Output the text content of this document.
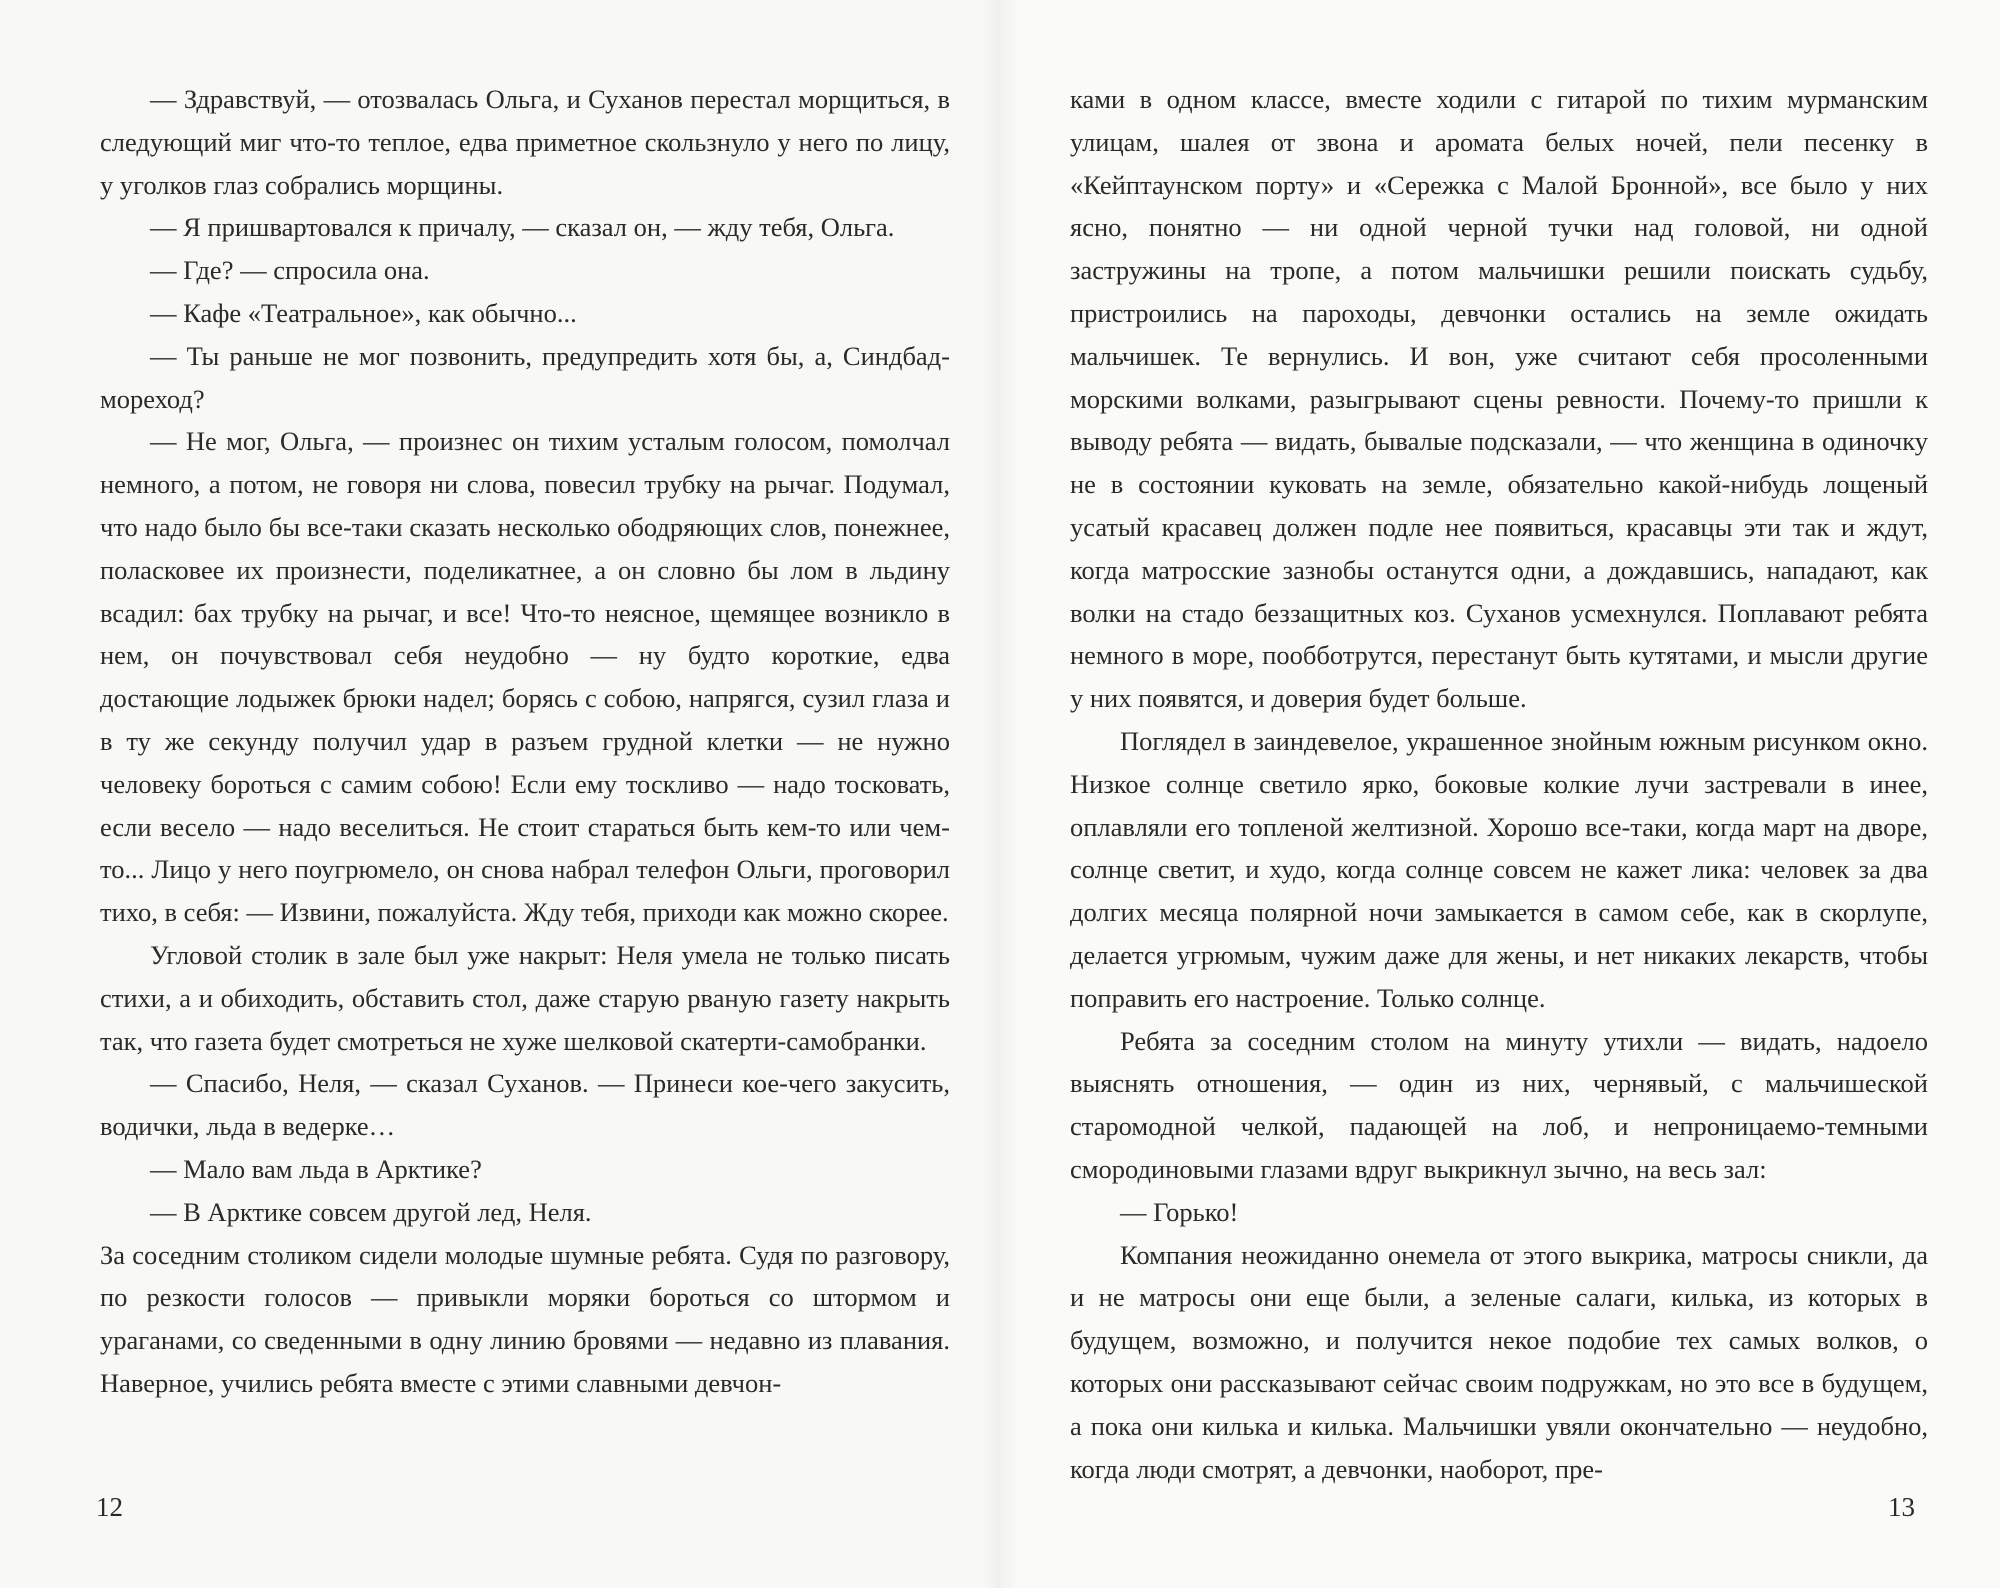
— Здравствуй, — отозвалась Ольга, и Суханов перестал морщиться, в следующий миг что-то теплое, едва приметное скользнуло у него по лицу, у уголков глаз собрались морщины.

— Я пришвартовался к причалу, — сказал он, — жду тебя, Ольга.

— Где? — спросила она.

— Кафе «Театральное», как обычно...

— Ты раньше не мог позвонить, предупредить хотя бы, а, Синдбад-мореход?

— Не мог, Ольга, — произнес он тихим усталым голосом, помолчал немного, а потом, не говоря ни слова, повесил трубку на рычаг. Подумал, что надо было бы все-таки сказать несколько ободряющих слов, понежнее, поласковее их произнести, поделикатнее, а он словно бы лом в льдину всадил: бах трубку на рычаг, и все! Что-то неясное, щемящее возникло в нем, он почувствовал себя неудобно — ну будто короткие, едва достающие лодыжек брюки надел; борясь с собою, напрягся, сузил глаза и в ту же секунду получил удар в разъем грудной клетки — не нужно человеку бороться с самим собою! Если ему тоскливо — надо тосковать, если весело — надо веселиться. Не стоит стараться быть кем-то или чем-то... Лицо у него поугрюмело, он снова набрал телефон Ольги, проговорил тихо, в себя: — Извини, пожалуйста. Жду тебя, приходи как можно скорее.

Угловой столик в зале был уже накрыт: Неля умела не только писать стихи, а и обиходить, обставить стол, даже старую рваную газету накрыть так, что газета будет смотреться не хуже шелковой скатерти-самобранки.

— Спасибо, Неля, — сказал Суханов. — Принеси кое-чего закусить, водички, льда в ведерке…

— Мало вам льда в Арктике?

— В Арктике совсем другой лед, Неля.

За соседним столиком сидели молодые шумные ребята. Судя по разговору, по резкости голосов — привыкли моряки бороться со штормом и ураганами, со сведенными в одну линию бровями — недавно из плавания. Наверное, учились ребята вместе с этими славными девчон-

12

ками в одном классе, вместе ходили с гитарой по тихим мурманским улицам, шалея от звона и аромата белых ночей, пели песенку в «Кейптаунском порту» и «Сережка с Малой Бронной», все было у них ясно, понятно — ни одной черной тучки над головой, ни одной застружины на тропе, а потом мальчишки решили поискать судьбу, пристроились на пароходы, девчонки остались на земле ожидать мальчишек. Те вернулись. И вон, уже считают себя просоленными морскими волками, разыгрывают сцены ревности. Почему-то пришли к выводу ребята — видать, бывалые подсказали, — что женщина в одиночку не в состоянии куковать на земле, обязательно какой-нибудь лощеный усатый красавец должен подле нее появиться, красавцы эти так и ждут, когда матросские зазнобы останутся одни, а дождавшись, нападают, как волки на стадо беззащитных коз. Суханов усмехнулся. Поплавают ребята немного в море, пообботрутся, перестанут быть кутятами, и мысли другие у них появятся, и доверия будет больше.

Поглядел в заиндевелое, украшенное знойным южным рисунком окно. Низкое солнце светило ярко, боковые колкие лучи застревали в инее, оплавляли его топленой желтизной. Хорошо все-таки, когда март на дворе, солнце светит, и худо, когда солнце совсем не кажет лика: человек за два долгих месяца полярной ночи замыкается в самом себе, как в скорлупе, делается угрюмым, чужим даже для жены, и нет никаких лекарств, чтобы поправить его настроение. Только солнце.

Ребята за соседним столом на минуту утихли — видать, надоело выяснять отношения, — один из них, чернявый, с мальчишеской старомодной челкой, падающей на лоб, и непроницаемо-темными смородиновыми глазами вдруг выкрикнул зычно, на весь зал:

— Горько!

Компания неожиданно онемела от этого выкрика, матросы сникли, да и не матросы они еще были, а зеленые салаги, килька, из которых в будущем, возможно, и получится некое подобие тех самых волков, о которых они рассказывают сейчас своим подружкам, но это все в будущем, а пока они килька и килька. Мальчишки увяли окончательно — неудобно, когда люди смотрят, а девчонки, наоборот, пре-

13
